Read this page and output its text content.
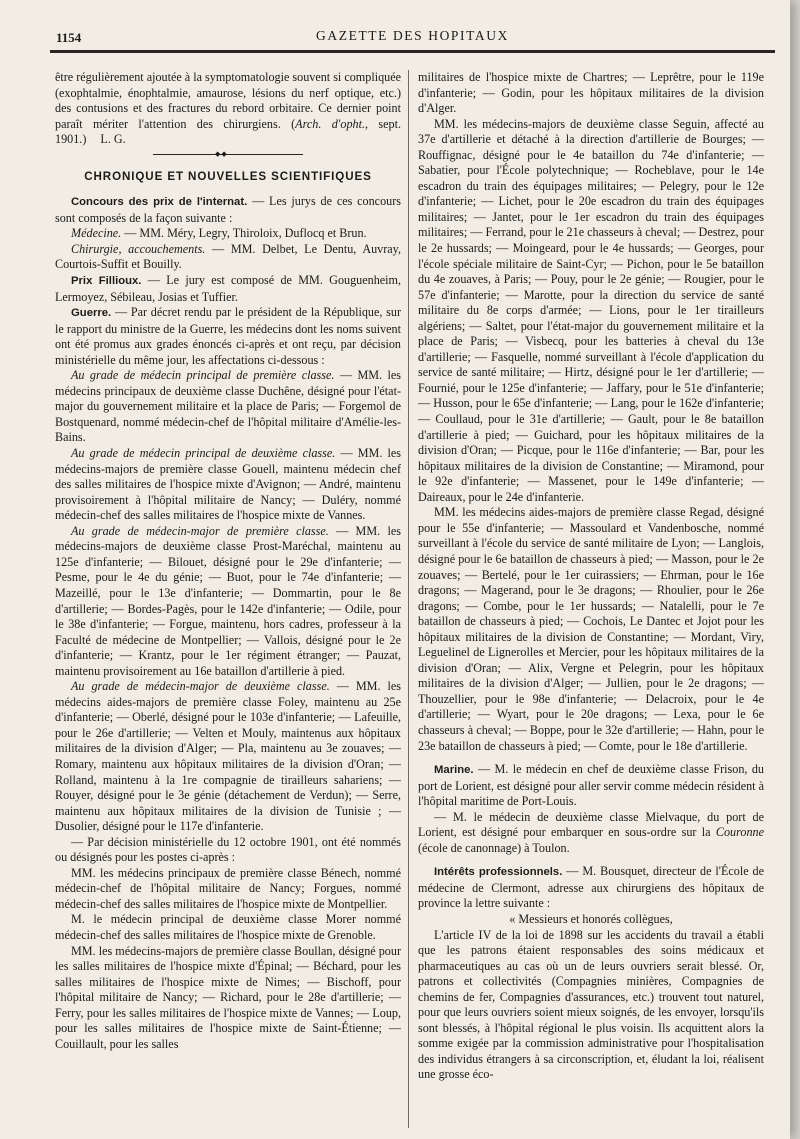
1154	GAZETTE DES HOPITAUX

être régulièrement ajoutée à la symptomatologie souvent si compliquée (exophtalmie, énophtalmie, amaurose, lésions du nerf optique, etc.) des contusions et des fractures du rebord orbitaire. Ce dernier point paraît mériter l'attention des chirurgiens. (Arch. d'opht., sept. 1901.) L. G.

◆◆
CHRONIQUE ET NOUVELLES SCIENTIFIQUES

Concours des prix de l'internat. — Les jurys de ces concours sont composés de la façon suivante :

Médecine. — MM. Méry, Legry, Thiroloix, Duflocq et Brun.

Chirurgie, accouchements. — MM. Delbet, Le Dentu, Auvray, Courtois-Suffit et Bouilly.

Prix Fillioux. — Le jury est composé de MM. Gouguenheim, Lermoyez, Sébileau, Josias et Tuffier.

Guerre. — Par décret rendu par le président de la République, sur le rapport du ministre de la Guerre, les médecins dont les noms suivent ont été promus aux grades énoncés ci-après et ont reçu, par décision ministérielle du même jour, les affectations ci-dessous :

Au grade de médecin principal de première classe. — MM. les médecins principaux de deuxième classe Duchêne, désigné pour l'état-major du gouvernement militaire et la place de Paris; — Forgemol de Bostquenard, nommé médecin-chef de l'hôpital militaire d'Amélie-les-Bains.

Au grade de médecin principal de deuxième classe. — MM. les médecins-majors de première classe Gouell, maintenu médecin chef des salles militaires de l'hospice mixte d'Avignon; — André, maintenu provisoirement à l'hôpital militaire de Nancy; — Duléry, nommé médecin-chef des salles militaires de l'hospice mixte de Vannes.

Au grade de médecin-major de première classe. — MM. les médecins-majors de deuxième classe Prost-Maréchal, maintenu au 125e d'infanterie; — Bilouet, désigné pour le 29e d'infanterie; — Pesme, pour le 4e du génie; — Buot, pour le 74e d'infanterie; — Mazeillé, pour le 13e d'infanterie; — Dommartin, pour le 8e d'artillerie; — Bordes-Pagès, pour le 142e d'infanterie; — Odile, pour le 38e d'infanterie; — Forgue, maintenu, hors cadres, professeur à la Faculté de médecine de Montpellier; — Vallois, désigné pour le 2e d'infanterie; — Krantz, pour le 1er régiment étranger; — Pauzat, maintenu provisoirement au 16e bataillon d'artillerie à pied.

Au grade de médecin-major de deuxième classe. — MM. les médecins aides-majors de première classe Foley, maintenu au 25e d'infanterie; — Oberlé, désigné pour le 103e d'infanterie; — Lafeuille, pour le 26e d'artillerie; — Velten et Mouly, maintenus aux hôpitaux militaires de la division d'Alger; — Pla, maintenu au 3e zouaves; — Romary, maintenu aux hôpitaux militaires de la division d'Oran; — Rolland, maintenu à la 1re compagnie de tirailleurs sahariens; — Rouyer, désigné pour le 3e génie (détachement de Verdun); — Serre, maintenu aux hôpitaux militaires de la division de Tunisie ; — Dusolier, désigné pour le 117e d'infanterie.

— Par décision ministérielle du 12 octobre 1901, ont été nommés ou désignés pour les postes ci-après :

MM. les médecins principaux de première classe Bénech, nommé médecin-chef de l'hôpital militaire de Nancy; Forgues, nommé médecin-chef des salles militaires de l'hospice mixte de Montpellier.

M. le médecin principal de deuxième classe Morer nommé médecin-chef des salles militaires de l'hospice mixte de Grenoble.

MM. les médecins-majors de première classe Boullan, désigné pour les salles militaires de l'hospice mixte d'Épinal; — Béchard, pour les salles militaires de l'hospice mixte de Nimes; — Bischoff, pour l'hôpital militaire de Nancy; — Richard, pour le 28e d'artillerie; — Ferry, pour les salles militaires de l'hospice mixte de Vannes; — Loup, pour les salles militaires de l'hospice mixte de Saint-Étienne; — Couillault, pour les salles

militaires de l'hospice mixte de Chartres; — Leprêtre, pour le 119e d'infanterie; — Godin, pour les hôpitaux militaires de la division d'Alger.

MM. les médecins-majors de deuxième classe Seguin, affecté au 37e d'artillerie et détaché à la direction d'artillerie de Bourges; — Rouffignac, désigné pour le 4e bataillon du 74e d'infanterie; — Sabatier, pour l'École polytechnique; — Rocheblave, pour le 14e escadron du train des équipages militaires; — Pelegry, pour le 12e d'infanterie; — Lichet, pour le 20e escadron du train des équipages militaires; — Jantet, pour le 1er escadron du train des équipages militaires; — Ferrand, pour le 21e chasseurs à cheval; — Destrez, pour le 2e hussards; — Moingeard, pour le 4e hussards; — Georges, pour l'école spéciale militaire de Saint-Cyr; — Pichon, pour le 5e bataillon du 4e zouaves, à Paris; — Pouy, pour le 2e génie; — Rougier, pour le 57e d'infanterie; — Marotte, pour la direction du service de santé militaire du 8e corps d'armée; — Lions, pour le 1er tirailleurs algériens; — Saltet, pour l'état-major du gouvernement militaire et la place de Paris; — Visbecq, pour les batteries à cheval du 13e d'artillerie; — Fasquelle, nommé surveillant à l'école d'application du service de santé militaire; — Hirtz, désigné pour le 1er d'artillerie; — Fournié, pour le 125e d'infanterie; — Jaffary, pour le 51e d'infanterie; — Husson, pour le 65e d'infanterie; — Lang, pour le 162e d'infanterie; — Coullaud, pour le 31e d'artillerie; — Gault, pour le 8e bataillon d'artillerie à pied; — Guichard, pour les hôpitaux militaires de la division d'Oran; — Picque, pour le 116e d'infanterie; — Bar, pour les hôpitaux militaires de la division de Constantine; — Miramond, pour le 92e d'infanterie; — Massenet, pour le 149e d'infanterie; — Daireaux, pour le 24e d'infanterie.

MM. les médecins aides-majors de première classe Regad, désigné pour le 55e d'infanterie; — Massoulard et Vandenbosche, nommé surveillant à l'école du service de santé militaire de Lyon; — Langlois, désigné pour le 6e bataillon de chasseurs à pied; — Masson, pour le 2e zouaves; — Bertelé, pour le 1er cuirassiers; — Ehrman, pour le 16e dragons; — Magerand, pour le 3e dragons; — Rhoulier, pour le 26e dragons; — Combe, pour le 1er hussards; — Natalelli, pour le 7e bataillon de chasseurs à pied; — Cochois, Le Dantec et Jojot pour les hôpitaux militaires de la division de Constantine; — Mordant, Viry, Leguelinel de Lignerolles et Mercier, pour les hôpitaux militaires de la division d'Oran; — Alix, Vergne et Pelegrin, pour les hôpitaux militaires de la division d'Alger; — Jullien, pour le 2e dragons; — Thouzellier, pour le 98e d'infanterie; — Delacroix, pour le 4e d'artillerie; — Wyart, pour le 20e dragons; — Lexa, pour le 6e chasseurs à cheval; — Boppe, pour le 32e d'artillerie; — Hahn, pour le 23e bataillon de chasseurs à pied; — Comte, pour le 18e d'artillerie.

Marine. — M. le médecin en chef de deuxième classe Frison, du port de Lorient, est désigné pour aller servir comme médecin résident à l'hôpital maritime de Port-Louis.

— M. le médecin de deuxième classe Mielvaque, du port de Lorient, est désigné pour embarquer en sous-ordre sur la Couronne (école de canonnage) à Toulon.

Intérêts professionnels. — M. Bousquet, directeur de l'École de médecine de Clermont, adresse aux chirurgiens des hôpitaux de province la lettre suivante :

« Messieurs et honorés collègues,

L'article IV de la loi de 1898 sur les accidents du travail a établi que les patrons étaient responsables des soins médicaux et pharmaceutiques au cas où un de leurs ouvriers serait blessé. Or, patrons et collectivités (Compagnies minières, Compagnies de chemins de fer, Compagnies d'assurances, etc.) trouvent tout naturel, pour que leurs ouvriers soient mieux soignés, de les envoyer, lorsqu'ils sont blessés, à l'hôpital régional le plus voisin. Ils acquittent alors la somme exigée par la commission administrative pour l'hospitalisation des individus étrangers à sa circonscription, et, éludant la loi, réalisent une grosse éco-
